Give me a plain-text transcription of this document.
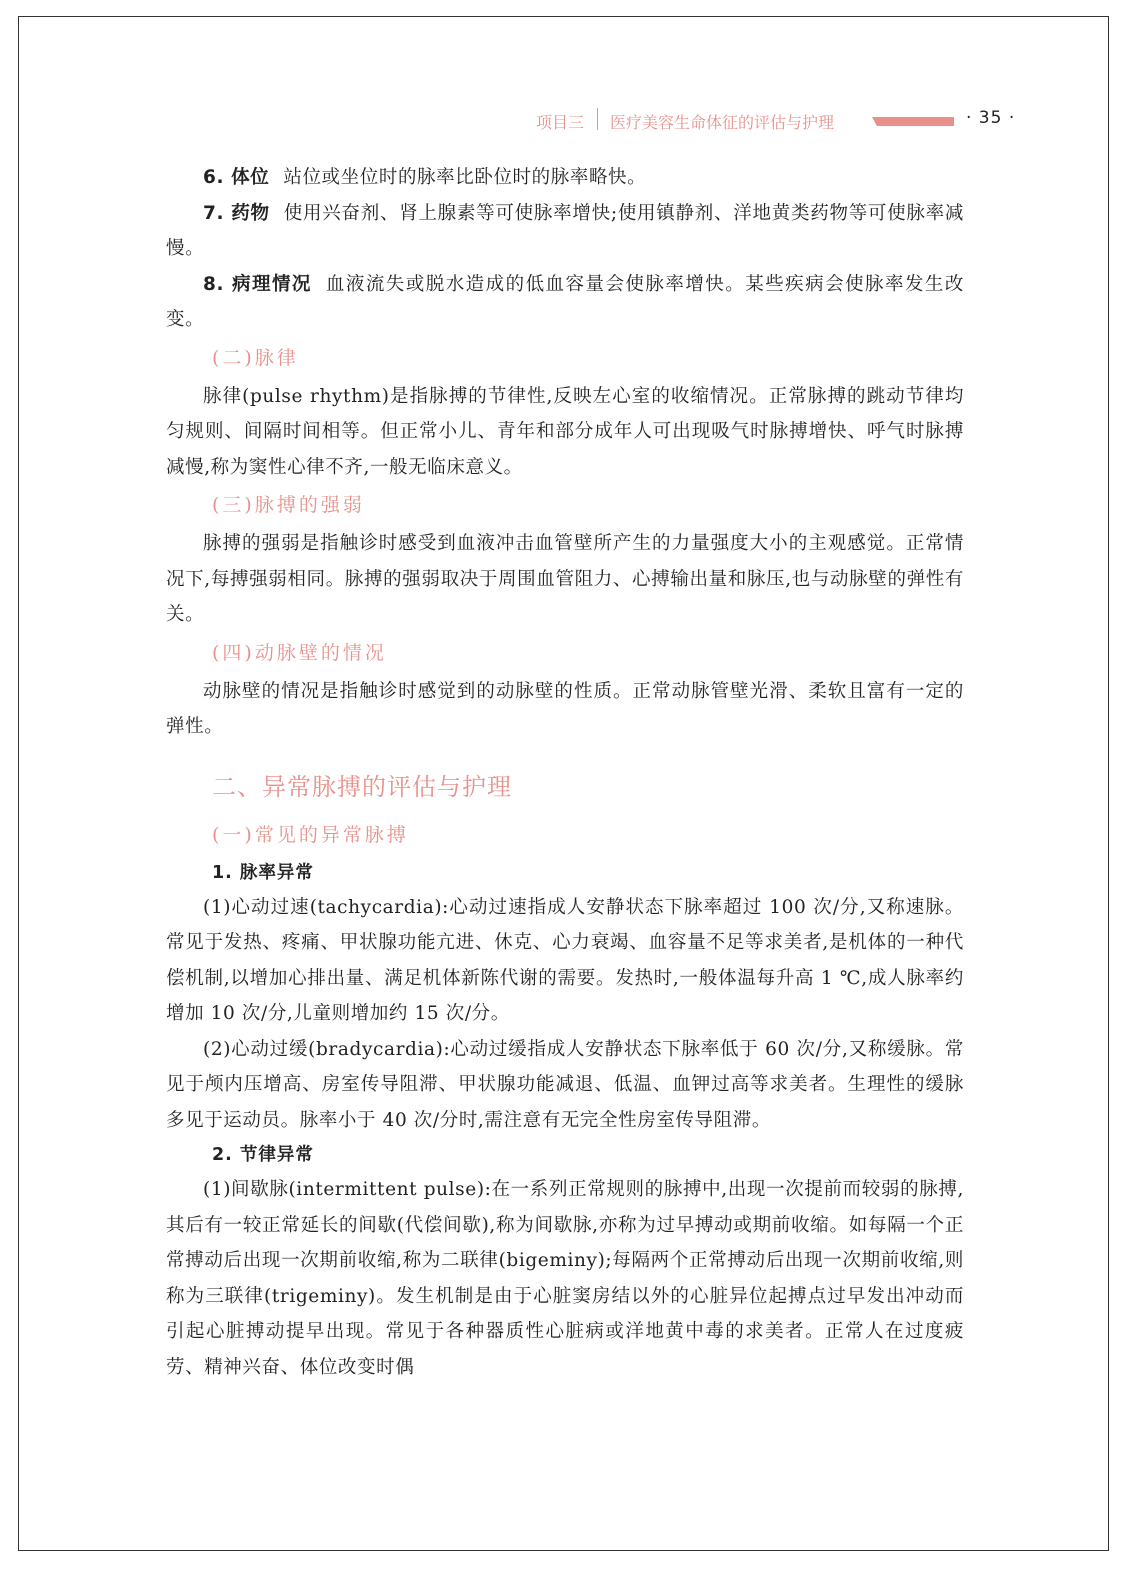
项目三 医疗美容生命体征的评估与护理	· 35 ·

6. 体位 站位或坐位时的脉率比卧位时的脉率略快。

7. 药物 使用兴奋剂、肾上腺素等可使脉率增快;使用镇静剂、洋地黄类药物等可使脉率减慢。

8. 病理情况 血液流失或脱水造成的低血容量会使脉率增快。某些疾病会使脉率发生改变。

(二)脉律

脉律(pulse rhythm)是指脉搏的节律性,反映左心室的收缩情况。正常脉搏的跳动节律均匀规则、间隔时间相等。但正常小儿、青年和部分成年人可出现吸气时脉搏增快、呼气时脉搏减慢,称为窦性心律不齐,一般无临床意义。

(三)脉搏的强弱

脉搏的强弱是指触诊时感受到血液冲击血管壁所产生的力量强度大小的主观感觉。正常情况下,每搏强弱相同。脉搏的强弱取决于周围血管阻力、心搏输出量和脉压,也与动脉壁的弹性有关。

(四)动脉壁的情况

动脉壁的情况是指触诊时感觉到的动脉壁的性质。正常动脉管壁光滑、柔软且富有一定的弹性。

二、异常脉搏的评估与护理
(一)常见的异常脉搏
1. 脉率异常

(1)心动过速(tachycardia):心动过速指成人安静状态下脉率超过 100 次/分,又称速脉。常见于发热、疼痛、甲状腺功能亢进、休克、心力衰竭、血容量不足等求美者,是机体的一种代偿机制,以增加心排出量、满足机体新陈代谢的需要。发热时,一般体温每升高 1 ℃,成人脉率约增加 10 次/分,儿童则增加约 15 次/分。

(2)心动过缓(bradycardia):心动过缓指成人安静状态下脉率低于 60 次/分,又称缓脉。常见于颅内压增高、房室传导阻滞、甲状腺功能减退、低温、血钾过高等求美者。生理性的缓脉多见于运动员。脉率小于 40 次/分时,需注意有无完全性房室传导阻滞。

2. 节律异常

(1)间歇脉(intermittent pulse):在一系列正常规则的脉搏中,出现一次提前而较弱的脉搏,其后有一较正常延长的间歇(代偿间歇),称为间歇脉,亦称为过早搏动或期前收缩。如每隔一个正常搏动后出现一次期前收缩,称为二联律(bigeminy);每隔两个正常搏动后出现一次期前收缩,则称为三联律(trigeminy)。发生机制是由于心脏窦房结以外的心脏异位起搏点过早发出冲动而引起心脏搏动提早出现。常见于各种器质性心脏病或洋地黄中毒的求美者。正常人在过度疲劳、精神兴奋、体位改变时偶
